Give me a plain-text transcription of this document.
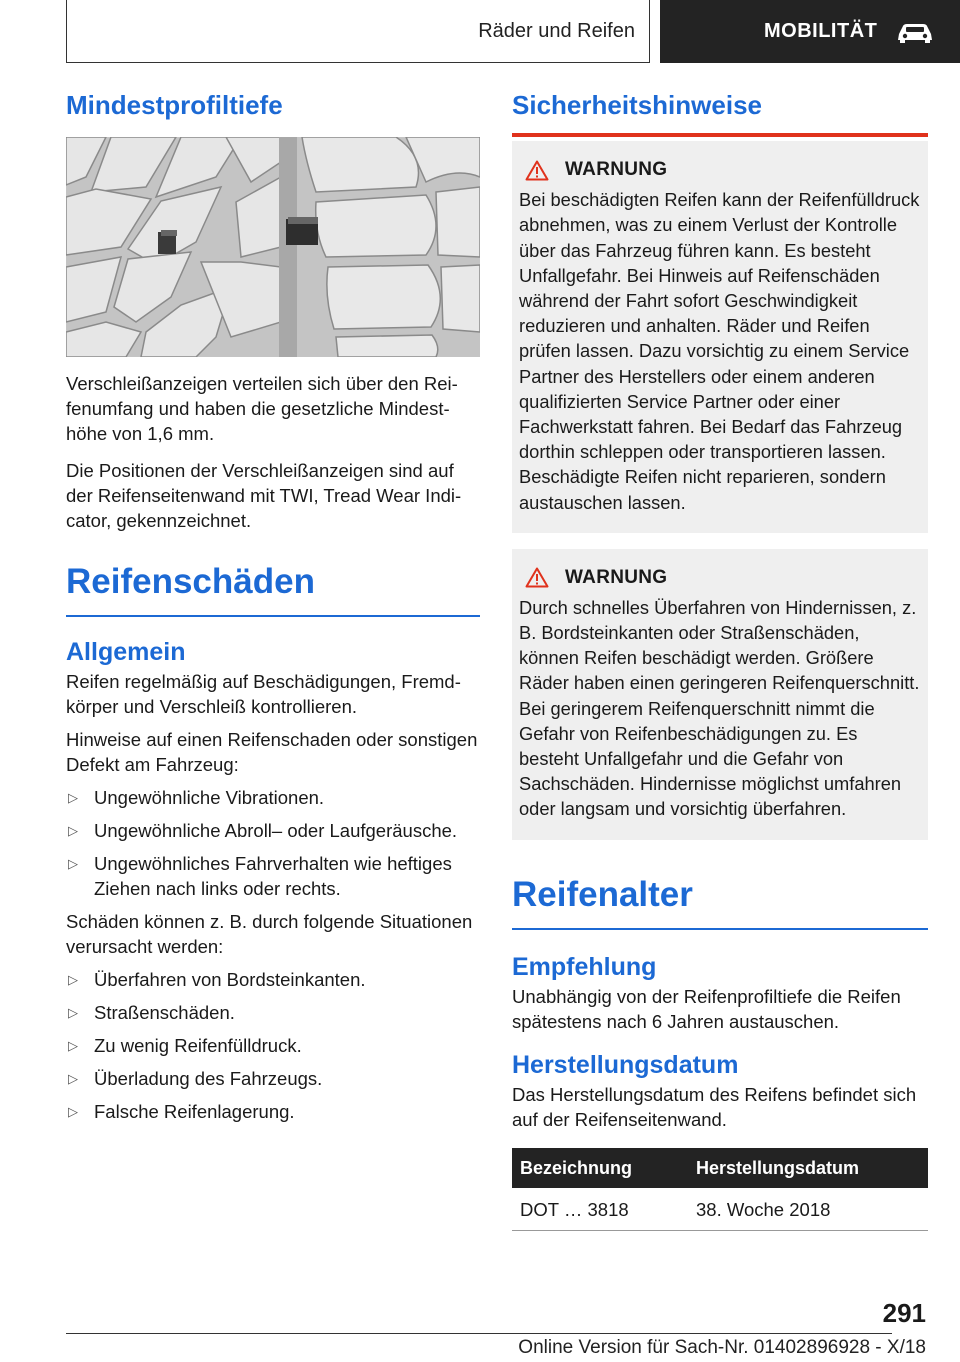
Räder und Reifen	MOBILITÄT
Mindestprofiltiefe

Verschleißanzeigen verteilen sich über den Reifenumfang und haben die gesetzliche Mindesthöhe von 1,6 mm.

Die Positionen der Verschleißanzeigen sind auf der Reifenseitenwand mit TWI, Tread Wear Indicator, gekennzeichnet.

Reifenschäden
Allgemein

Reifen regelmäßig auf Beschädigungen, Fremdkörper und Verschleiß kontrollieren.

Hinweise auf einen Reifenschaden oder sonstigen Defekt am Fahrzeug:

▷ Ungewöhnliche Vibrationen.
▷ Ungewöhnliche Abroll– oder Laufgeräusche.
▷ Ungewöhnliches Fahrverhalten wie heftiges Ziehen nach links oder rechts.

Schäden können z. B. durch folgende Situationen verursacht werden:

▷ Überfahren von Bordsteinkanten.
▷ Straßenschäden.
▷ Zu wenig Reifenfülldruck.
▷ Überladung des Fahrzeugs.
▷ Falsche Reifenlagerung.
Sicherheitshinweise
WARNUNG

Bei beschädigten Reifen kann der Reifenfülldruck abnehmen, was zu einem Verlust der Kontrolle über das Fahrzeug führen kann. Es besteht Unfallgefahr. Bei Hinweis auf Reifenschäden während der Fahrt sofort Geschwindigkeit reduzieren und anhalten. Räder und Reifen prüfen lassen. Dazu vorsichtig zu einem Service Partner des Herstellers oder einem anderen qualifizierten Service Partner oder einer Fachwerkstatt fahren. Bei Bedarf das Fahrzeug dorthin schleppen oder transportieren lassen. Beschädigte Reifen nicht reparieren, sondern austauschen lassen.

WARNUNG

Durch schnelles Überfahren von Hindernissen, z. B. Bordsteinkanten oder Straßenschäden, können Reifen beschädigt werden. Größere Räder haben einen geringeren Reifenquerschnitt. Bei geringerem Reifenquerschnitt nimmt die Gefahr von Reifenbeschädigungen zu. Es besteht Unfallgefahr und die Gefahr von Sachschäden. Hindernisse möglichst umfahren oder langsam und vorsichtig überfahren.

Reifenalter
Empfehlung

Unabhängig von der Reifenprofiltiefe die Reifen spätestens nach 6 Jahren austauschen.

Herstellungsdatum

Das Herstellungsdatum des Reifens befindet sich auf der Reifenseitenwand.

Bezeichnung	Herstellungsdatum
DOT … 3818	38. Woche 2018
291
Online Version für Sach-Nr. 01402896928 - X/18
